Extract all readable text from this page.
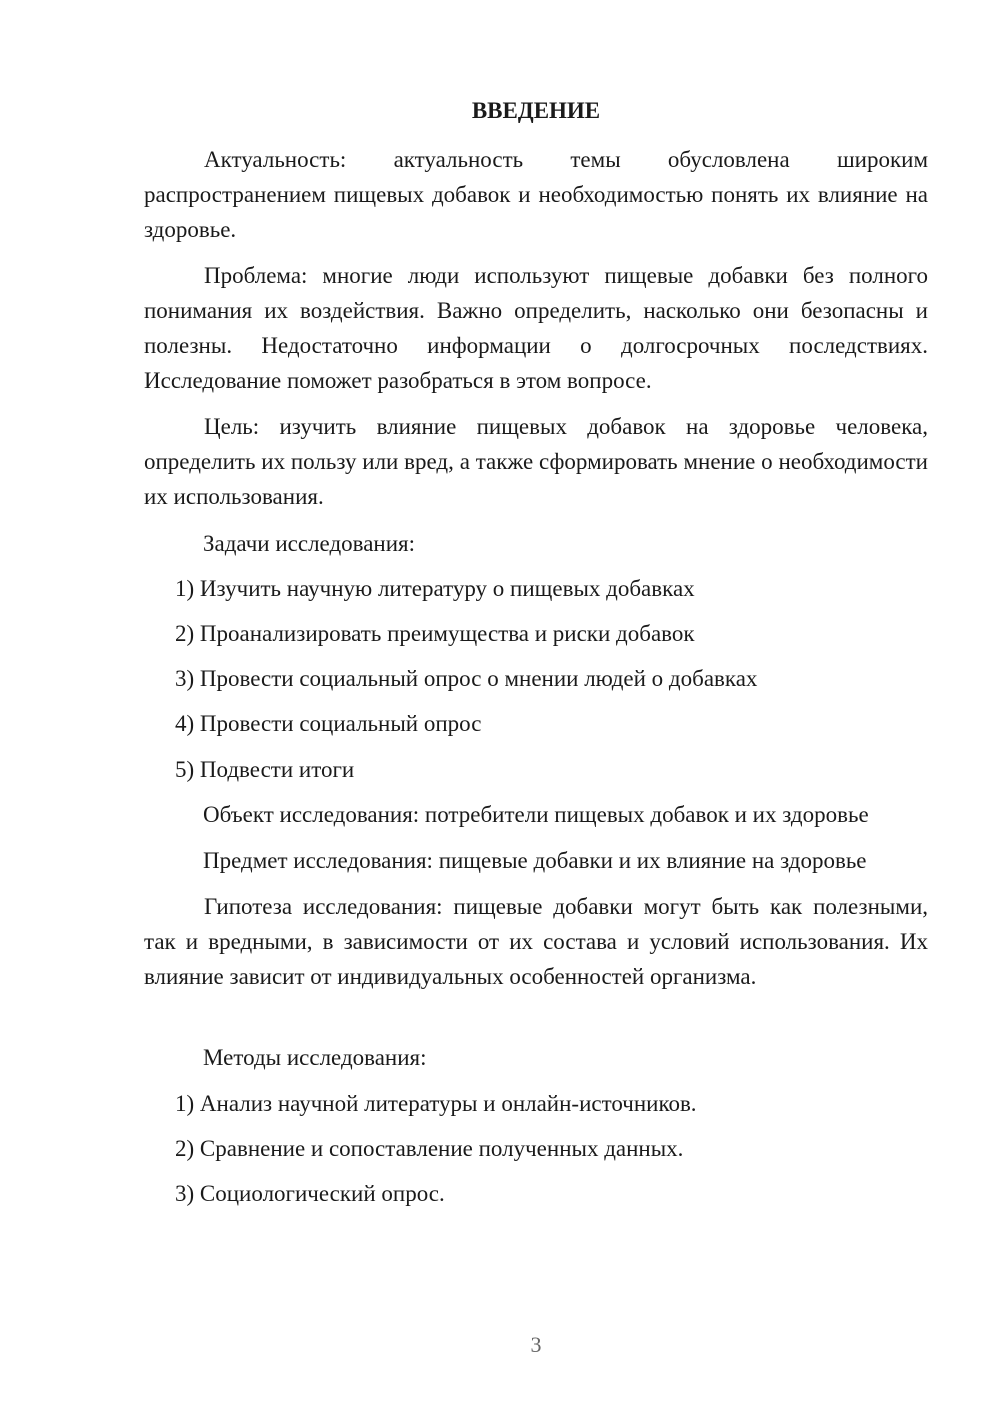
ВВЕДЕНИЕ

Актуальность: актуальность темы обусловлена широким распространением пищевых добавок и необходимостью понять их влияние на здоровье.

Проблема: многие люди используют пищевые добавки без полного понимания их воздействия. Важно определить, насколько они безопасны и полезны. Недостаточно информации о долгосрочных последствиях. Исследование поможет разобраться в этом вопросе.

Цель: изучить влияние пищевых добавок на здоровье человека, определить их пользу или вред, а также сформировать мнение о необходимости их использования.

Задачи исследования:

1) Изучить научную литературу о пищевых добавках

2) Проанализировать преимущества и риски добавок

3) Провести социальный опрос о мнении людей о добавках

4) Провести социальный опрос

5) Подвести итоги

Объект исследования: потребители пищевых добавок и их здоровье

Предмет исследования: пищевые добавки и их влияние на здоровье

Гипотеза исследования: пищевые добавки могут быть как полезными, так и вредными, в зависимости от их состава и условий использования. Их влияние зависит от индивидуальных особенностей организма.

Методы исследования:

1) Анализ научной литературы и онлайн-источников.

2) Сравнение и сопоставление полученных данных.

3) Социологический опрос.

3
